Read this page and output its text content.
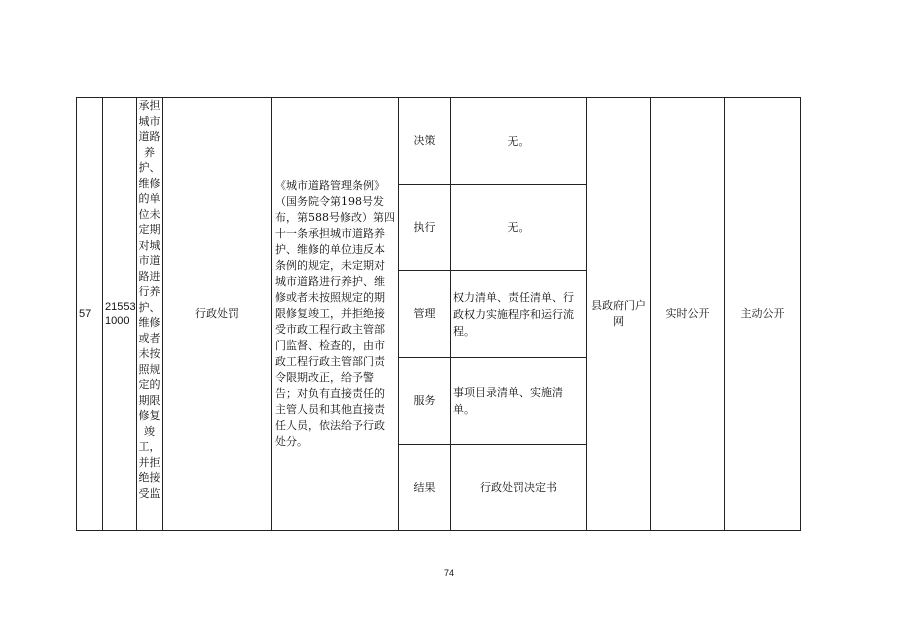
57	215531000	承担城市道路养护、维修的单位未定期对城市道路进行养护、维修或者未按照规定的期限修复竣工，并拒绝接受监	行政处罚	《城市道路管理条例》（国务院令第198号发布，第588号修改）第四十一条承担城市道路养护、维修的单位违反本条例的规定，未定期对城市道路进行养护、维修或者未按照规定的期限修复竣工，并拒绝接受市政工程行政主管部门监督、检查的，由市政工程行政主管部门责令限期改正，给予警告；对负有直接责任的主管人员和其他直接责任人员，依法给予行政处分。	决策	无。	县政府门户网	实时公开	主动公开
					执行	无。			
					管理	权力清单、责任清单、行政权力实施程序和运行流程。			
					服务	事项目录清单、实施清单。			
					结果	行政处罚决定书			
74
